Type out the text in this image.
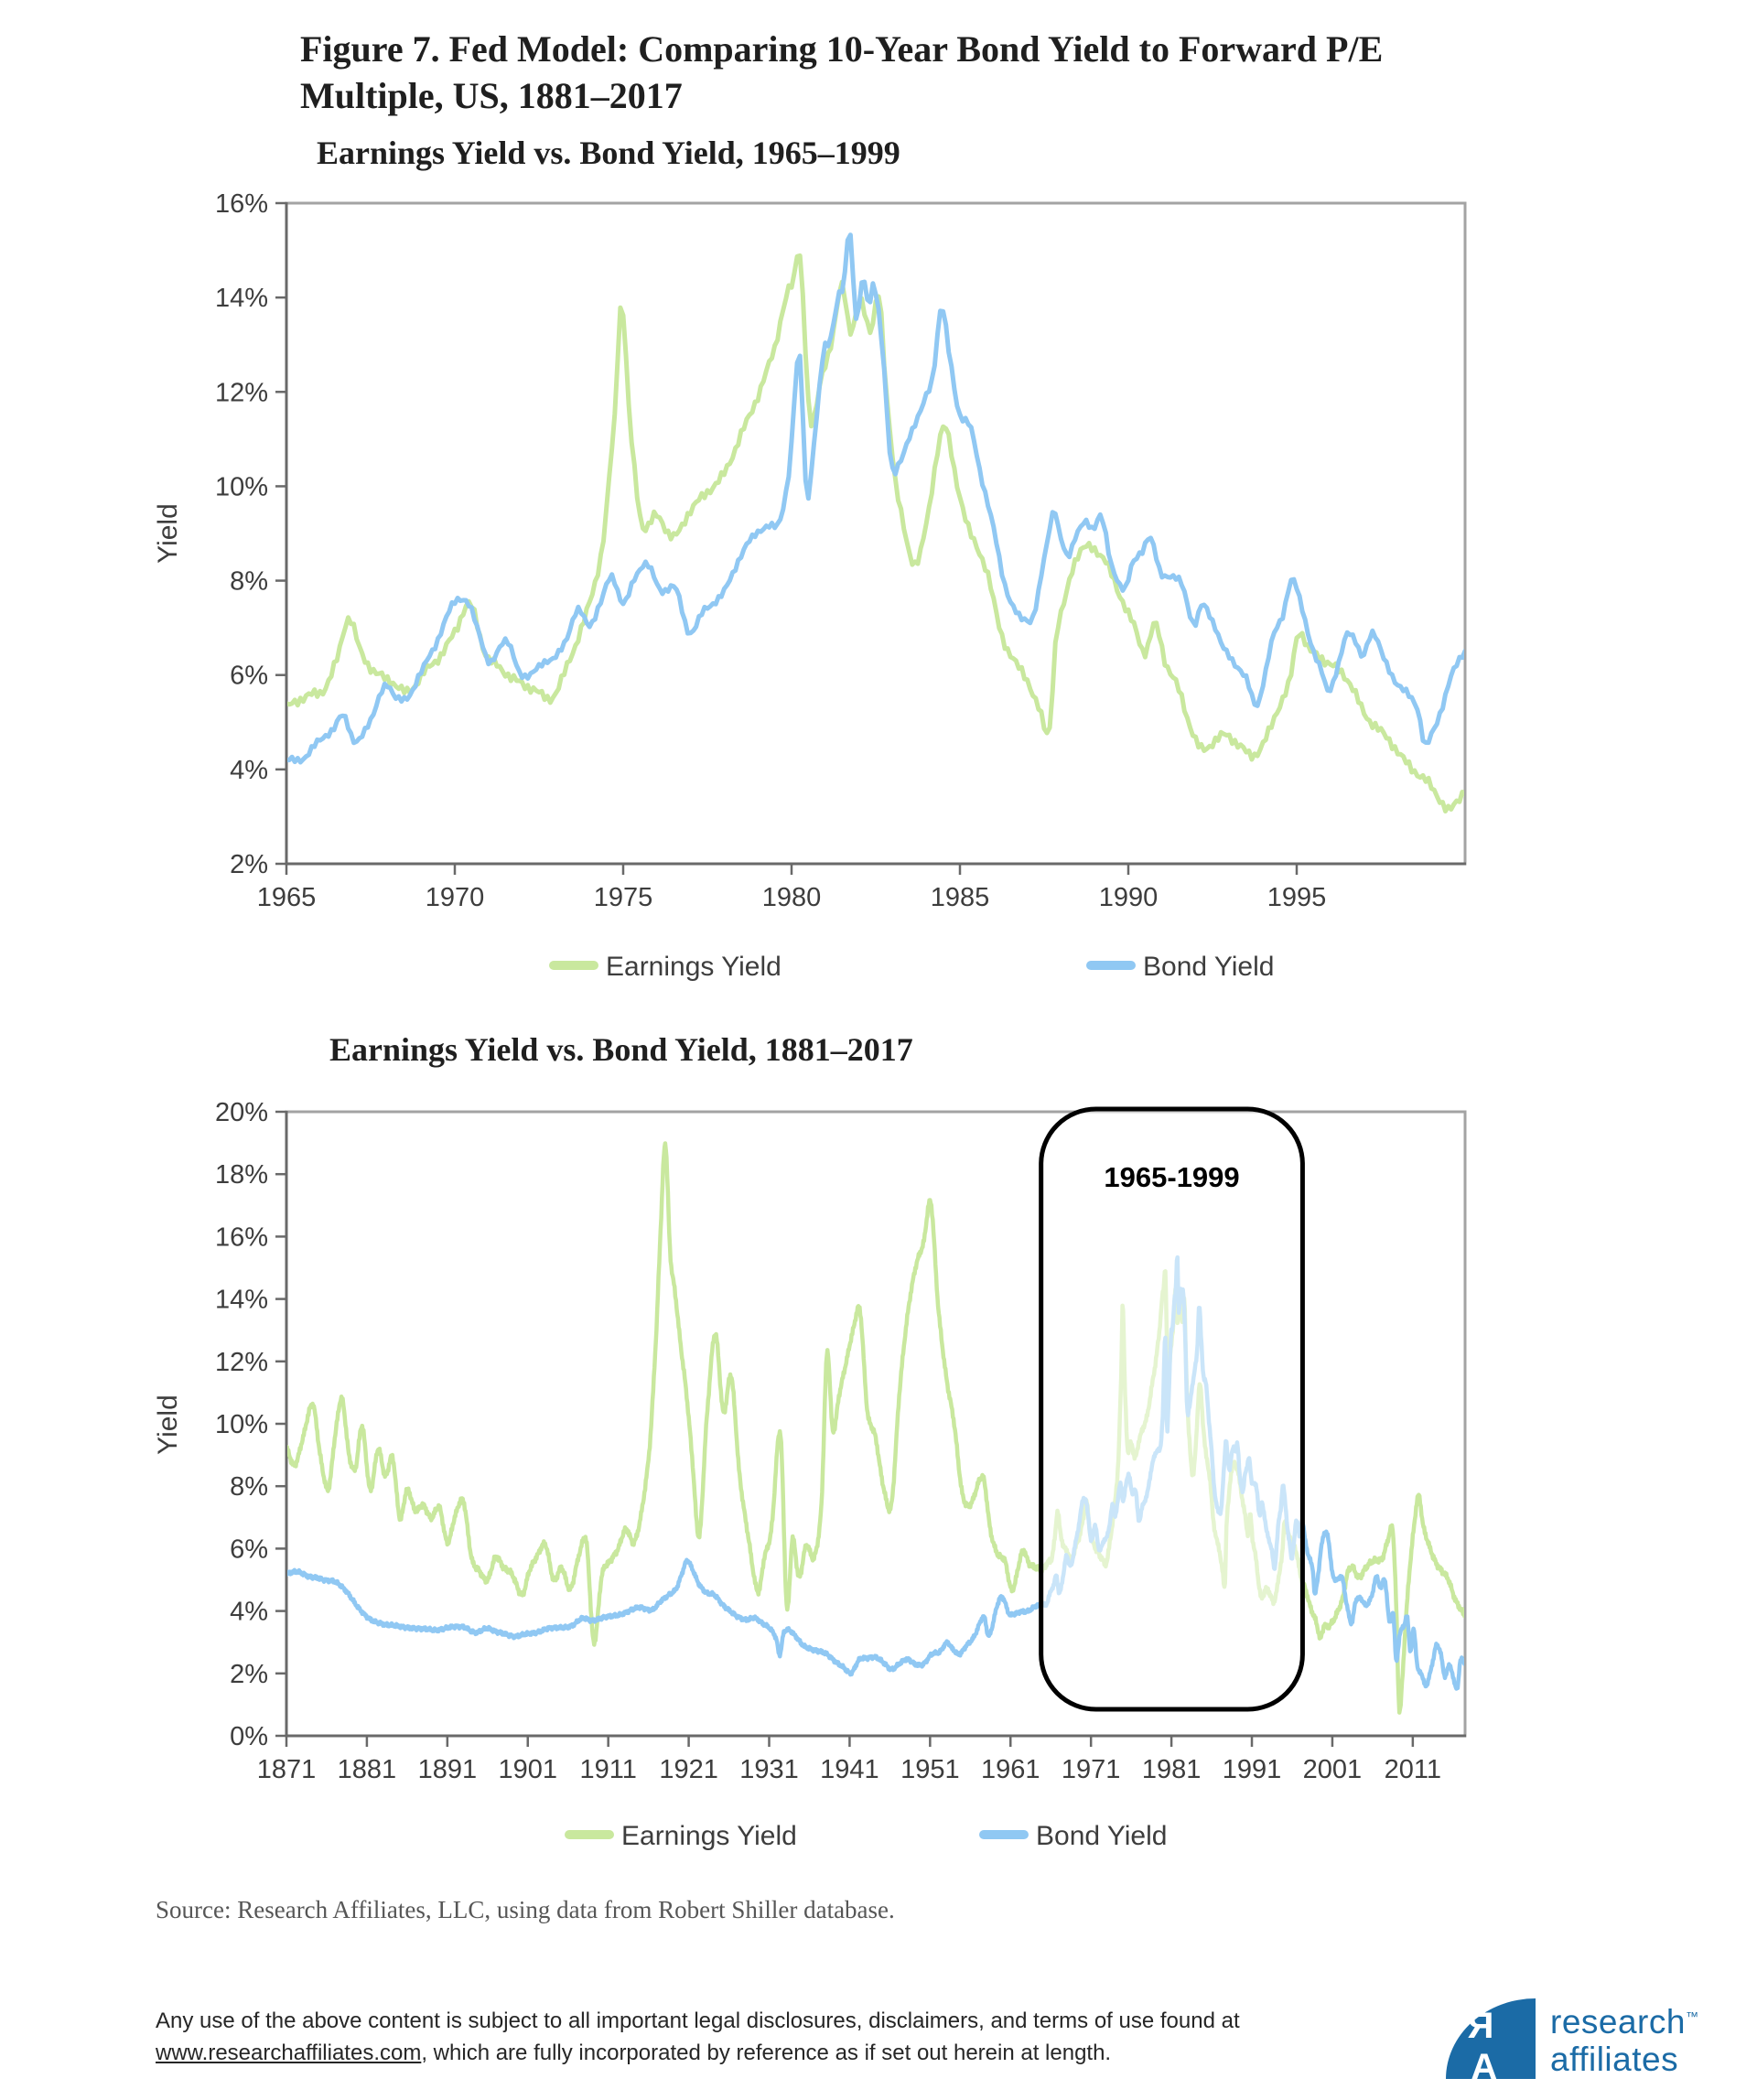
Figure 7. Fed Model: Comparing 10-Year Bond Yield to Forward P/E Multiple, US, 1881–2017
Earnings Yield vs. Bond Yield, 1965–1999
Yield
2%
4%
6%
8%
10%
12%
14%
16%
1965	1970	1975	1980	1985	1990	1995
Earnings Yield	Bond Yield
Earnings Yield vs. Bond Yield, 1881–2017
Yield
0%
2%
4%
6%
8%
10%
12%
14%
16%
18%
20%
1871 1881 1891 1901 1911 1921 1931 1941 1951 1961 1971 1981 1991 2001 2011
1965-1999
Earnings Yield	Bond Yield
Source: Research Affiliates, LLC, using data from Robert Shiller database.
Any use of the above content is subject to all important legal disclosures, disclaimers, and terms of use found at
www.researchaffiliates.com, which are fully incorporated by reference as if set out herein at length.
RA
research™
affiliates
